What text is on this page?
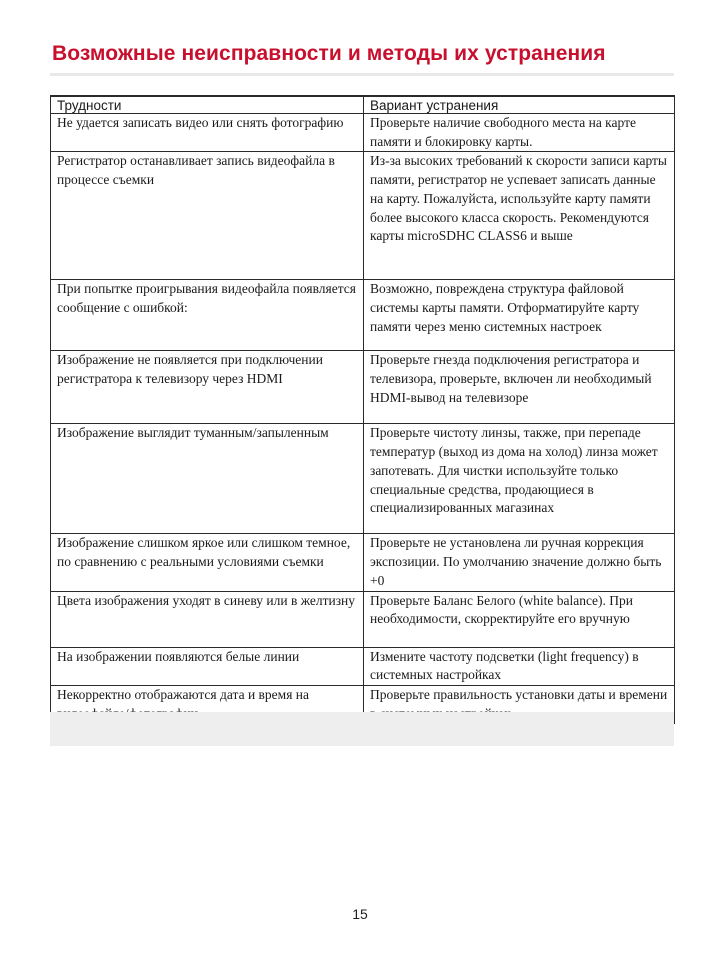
Возможные неисправности и методы их устранения
Трудности	Вариант устранения
Не удается записать видео или снять фотографию	Проверьте наличие свободного места на карте памяти и блокировку карты.
Регистратор останавливает запись видеофайла в процессе съемки	Из-за высоких требований к скорости записи карты памяти, регистратор не успевает записать данные на карту. Пожалуйста, используйте карту памяти более высокого класса скорость. Рекомендуются карты microSDHC CLASS6 и выше
При попытке проигрывания видеофайла появляется сообщение с ошибкой:	Возможно, повреждена структура файловой системы карты памяти. Отформатируйте карту памяти через меню системных настроек
Изображение не появляется при подключении регистратора к телевизору через HDMI	Проверьте гнезда подключения регистратора и телевизора, проверьте, включен ли необходимый HDMI-вывод на телевизоре
Изображение выглядит туманным/запыленным	Проверьте чистоту линзы, также, при перепаде температур (выход из дома на холод) линза может запотевать. Для чистки используйте только специальные средства, продающиеся в специализированных магазинах
Изображение слишком яркое или слишком темное, по сравнению с реальными условиями съемки	Проверьте не установлена ли ручная коррекция экспозиции. По умолчанию значение должно быть +0
Цвета изображения уходят в синеву или в желтизну	Проверьте Баланс Белого (white balance). При необходимости, скорректируйте его вручную
На изображении появляются белые линии	Измените частоту подсветки (light frequency) в системных настройках
Некорректно отображаются дата и время на	Проверьте правильность установки даты и времени
15
